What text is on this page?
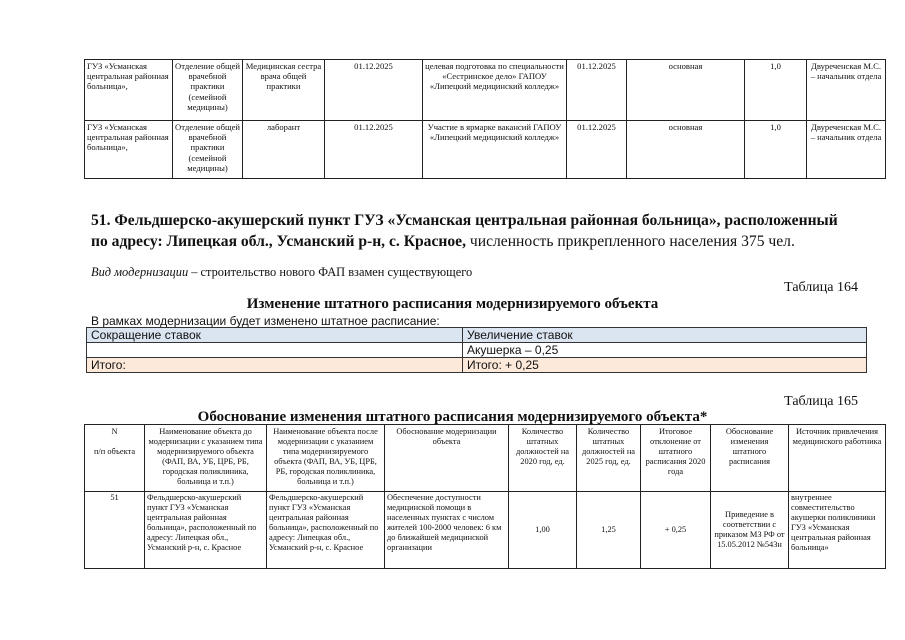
ГУЗ «Усманская центральная районная больница»,	Отделение общей врачебной практики (семейной медицины)	Медицинская сестра врача общей практики	01.12.2025	целевая подготовка по специальности «Сестринское дело» ГАПОУ «Липецкий медицинский колледж»	01.12.2025	основная	1,0	Двуреченская М.С. – начальник отдела
ГУЗ «Усманская центральная районная больница»,	Отделение общей врачебной практики (семейной медицины)	лаборант	01.12.2025	Участие в ярмарке вакансий ГАПОУ «Липецкий медицинский колледж»	01.12.2025	основная	1,0	Двуреченская М.С. – начальник отдела
51. Фельдшерско-акушерский пункт ГУЗ «Усманская центральная районная больница», расположенный по адресу: Липецкая обл., Усманский р-н, с. Красное, численность прикрепленного населения 375 чел.
Вид модернизации – строительство нового ФАП взамен существующего
Таблица 164
Изменение штатного расписания модернизируемого объекта
В рамках модернизации будет изменено штатное расписание:
Сокращение ставок	Увеличение ставок
	Акушерка – 0,25
Итого:	Итого: + 0,25
Таблица 165
Обоснование изменения штатного расписания модернизируемого объекта*
N

п/п объекта	Наименование объекта до модернизации с указанием типа модернизируемого объекта (ФАП, ВА, УБ, ЦРБ, РБ, городская поликлиника, больница и т.п.)	Наименование объекта после модернизации с указанием типа модернизируемого объекта (ФАП, ВА, УБ, ЦРБ, РБ, городская поликлиника, больница и т.п.)	Обоснование модернизации объекта	Количество штатных должностей на 2020 год, ед.	Количество штатных должностей на 2025 год, ед.	Итоговое отклонение от штатного расписания 2020 года	Обоснование изменения штатного расписания	Источник привлечения медицинского работника
51	Фельдшерско-акушерский пункт ГУЗ «Усманская центральная районная больница», расположенный по адресу: Липецкая обл., Усманский р-н, с. Красное	Фельдшерско-акушерский пункт ГУЗ «Усманская центральная районная больница», расположенный по адресу: Липецкая обл., Усманский р-н, с. Красное	Обеспечение доступности медицинской помощи в населенных пунктах с числом жителей 100-2000 человек: 6 км до ближайшей медицинской организации	1,00	1,25	+ 0,25	Приведение в соответствии с приказом МЗ РФ от 15.05.2012 №543н	внутреннее совместительство акушерки поликлиники ГУЗ «Усманская центральная районная больница»
